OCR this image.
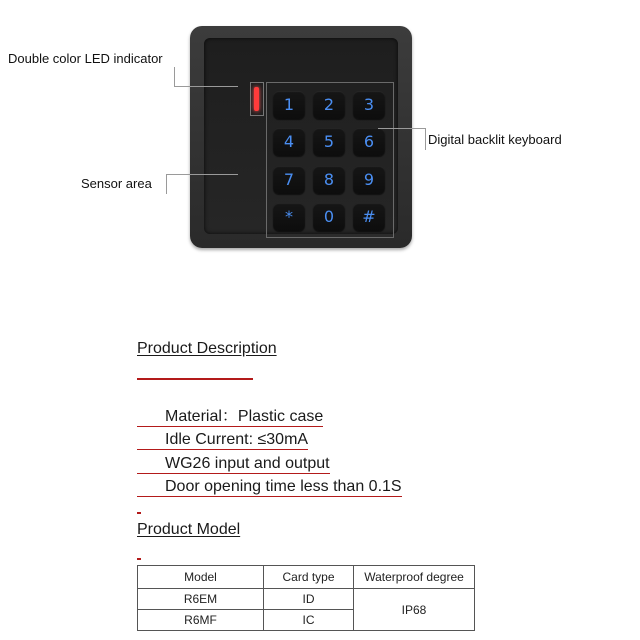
1	2	3
4	5	6
7	8	9
*	0	#
Double color LED indicator
Digital backlit keyboard
Sensor area
Product Description
Material：Plastic case
Idle Current: ≤30mA
WG26 input and output
Door opening time less than 0.1S
Product Model
Model	Card type	Waterproof degree
R6EM	ID	IP68
R6MF	IC	
